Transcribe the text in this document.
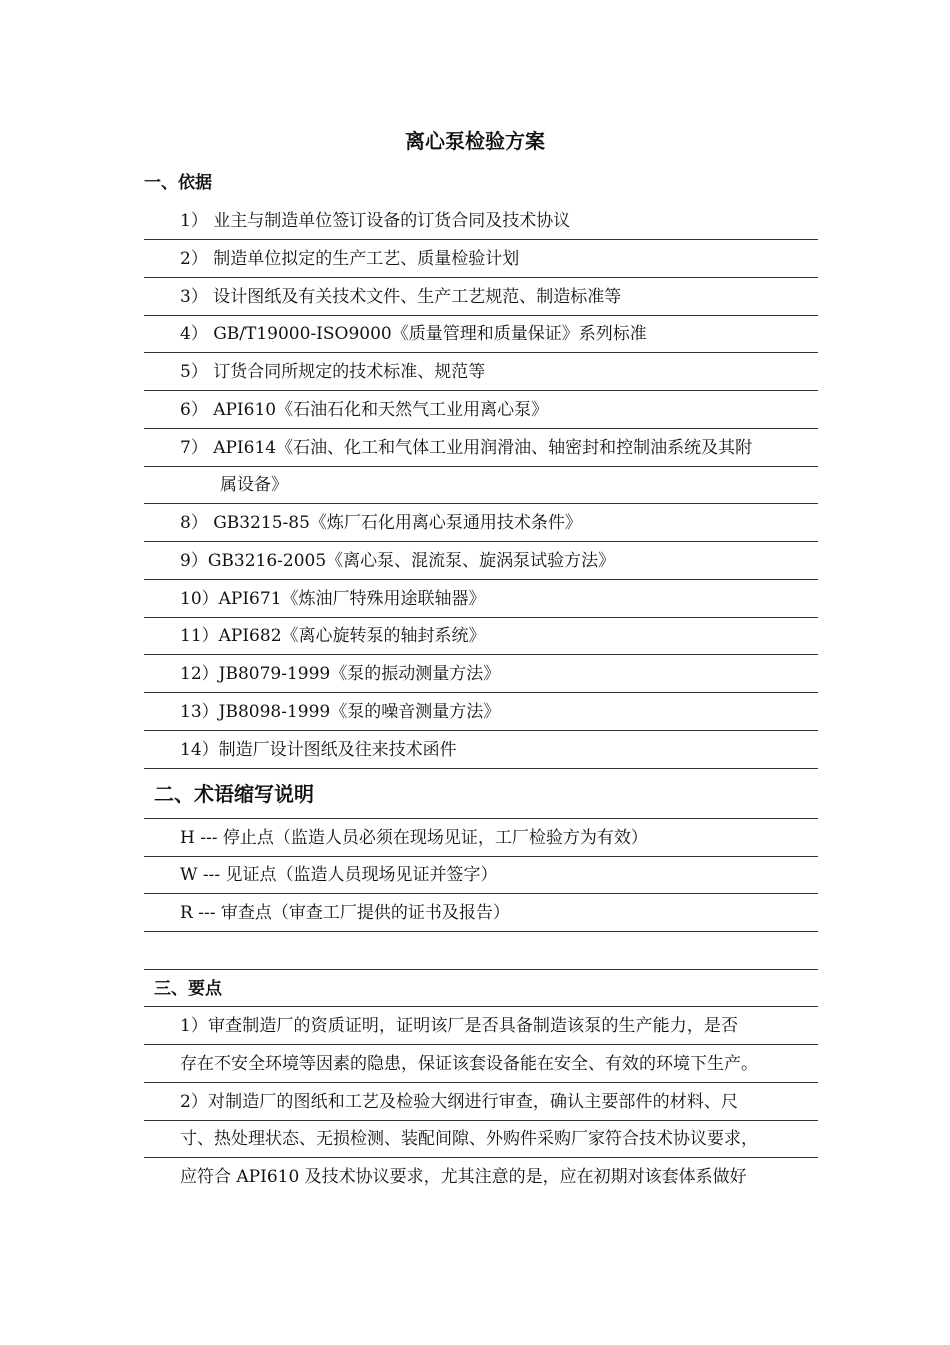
离心泵检验方案
一、依据
1） 业主与制造单位签订设备的订货合同及技术协议
2） 制造单位拟定的生产工艺、质量检验计划
3） 设计图纸及有关技术文件、生产工艺规范、制造标准等
4） GB/T19000-ISO9000《质量管理和质量保证》系列标准
5） 订货合同所规定的技术标准、规范等
6） API610《石油石化和天然气工业用离心泵》
7） API614《石油、化工和气体工业用润滑油、轴密封和控制油系统及其附
属设备》
8） GB3215-85《炼厂石化用离心泵通用技术条件》
9）GB3216-2005《离心泵、混流泵、旋涡泵试验方法》
10）API671《炼油厂特殊用途联轴器》
11）API682《离心旋转泵的轴封系统》
12）JB8079-1999《泵的振动测量方法》
13）JB8098-1999《泵的噪音测量方法》
14）制造厂设计图纸及往来技术函件
二、术语缩写说明
H --- 停止点（监造人员必须在现场见证，工厂检验方为有效）
W --- 见证点（监造人员现场见证并签字）
R --- 审查点（审查工厂提供的证书及报告）
三、要点
1）审查制造厂的资质证明，证明该厂是否具备制造该泵的生产能力，是否
存在不安全环境等因素的隐患，保证该套设备能在安全、有效的环境下生产。
2）对制造厂的图纸和工艺及检验大纲进行审查，确认主要部件的材料、尺
寸、热处理状态、无损检测、装配间隙、外购件采购厂家符合技术协议要求，
应符合 API610 及技术协议要求，尤其注意的是，应在初期对该套体系做好
